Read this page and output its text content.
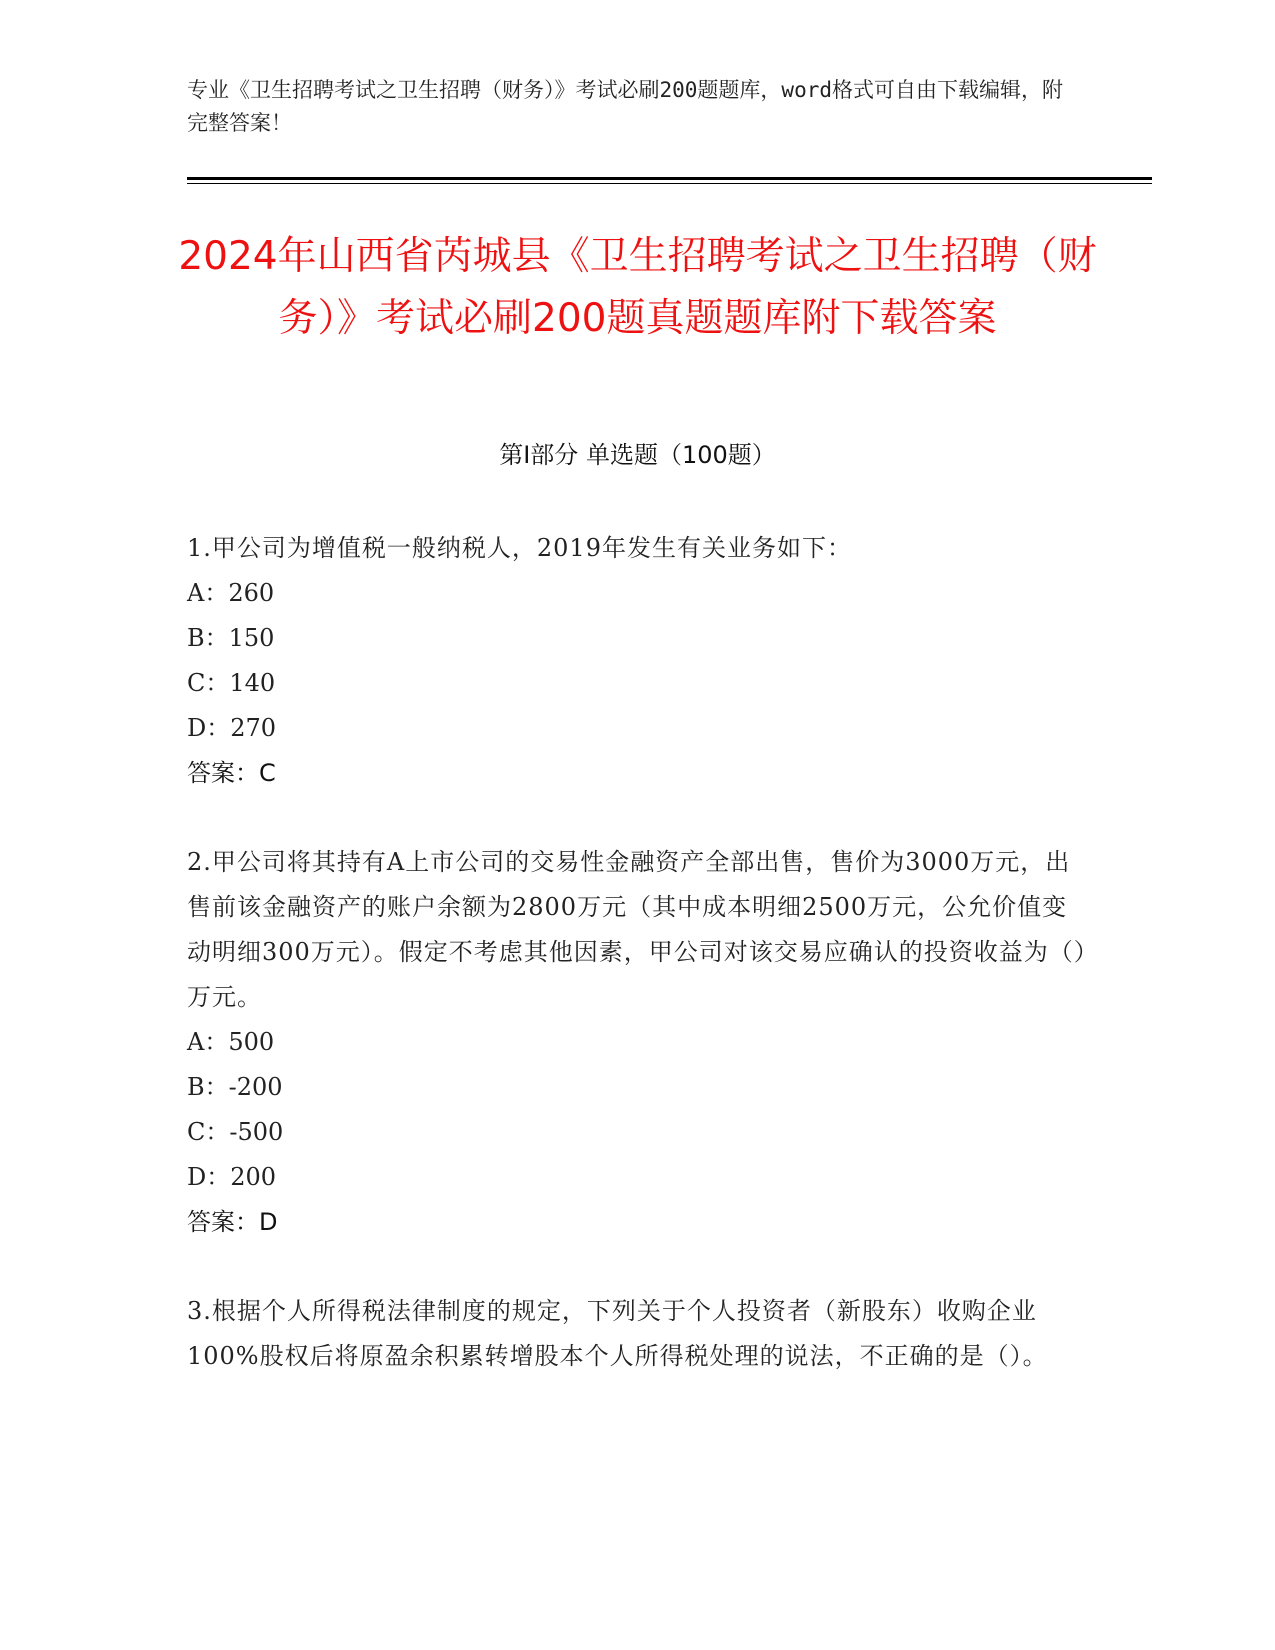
专业《卫生招聘考试之卫生招聘（财务）》考试必刷200题题库，word格式可自由下载编辑，附完整答案！
2024年山西省芮城县《卫生招聘考试之卫生招聘（财务）》考试必刷200题真题题库附下载答案
第I部分 单选题（100题）
1.甲公司为增值税一般纳税人，2019年发生有关业务如下：
A：260
B：150
C：140
D：270
答案：C
2.甲公司将其持有A上市公司的交易性金融资产全部出售，售价为3000万元，出售前该金融资产的账户余额为2800万元（其中成本明细2500万元，公允价值变动明细300万元）。假定不考虑其他因素，甲公司对该交易应确认的投资收益为（）万元。
A：500
B：-200
C：-500
D：200
答案：D
3.根据个人所得税法律制度的规定，下列关于个人投资者（新股东）收购企业100%股权后将原盈余积累转增股本个人所得税处理的说法，不正确的是（）。
